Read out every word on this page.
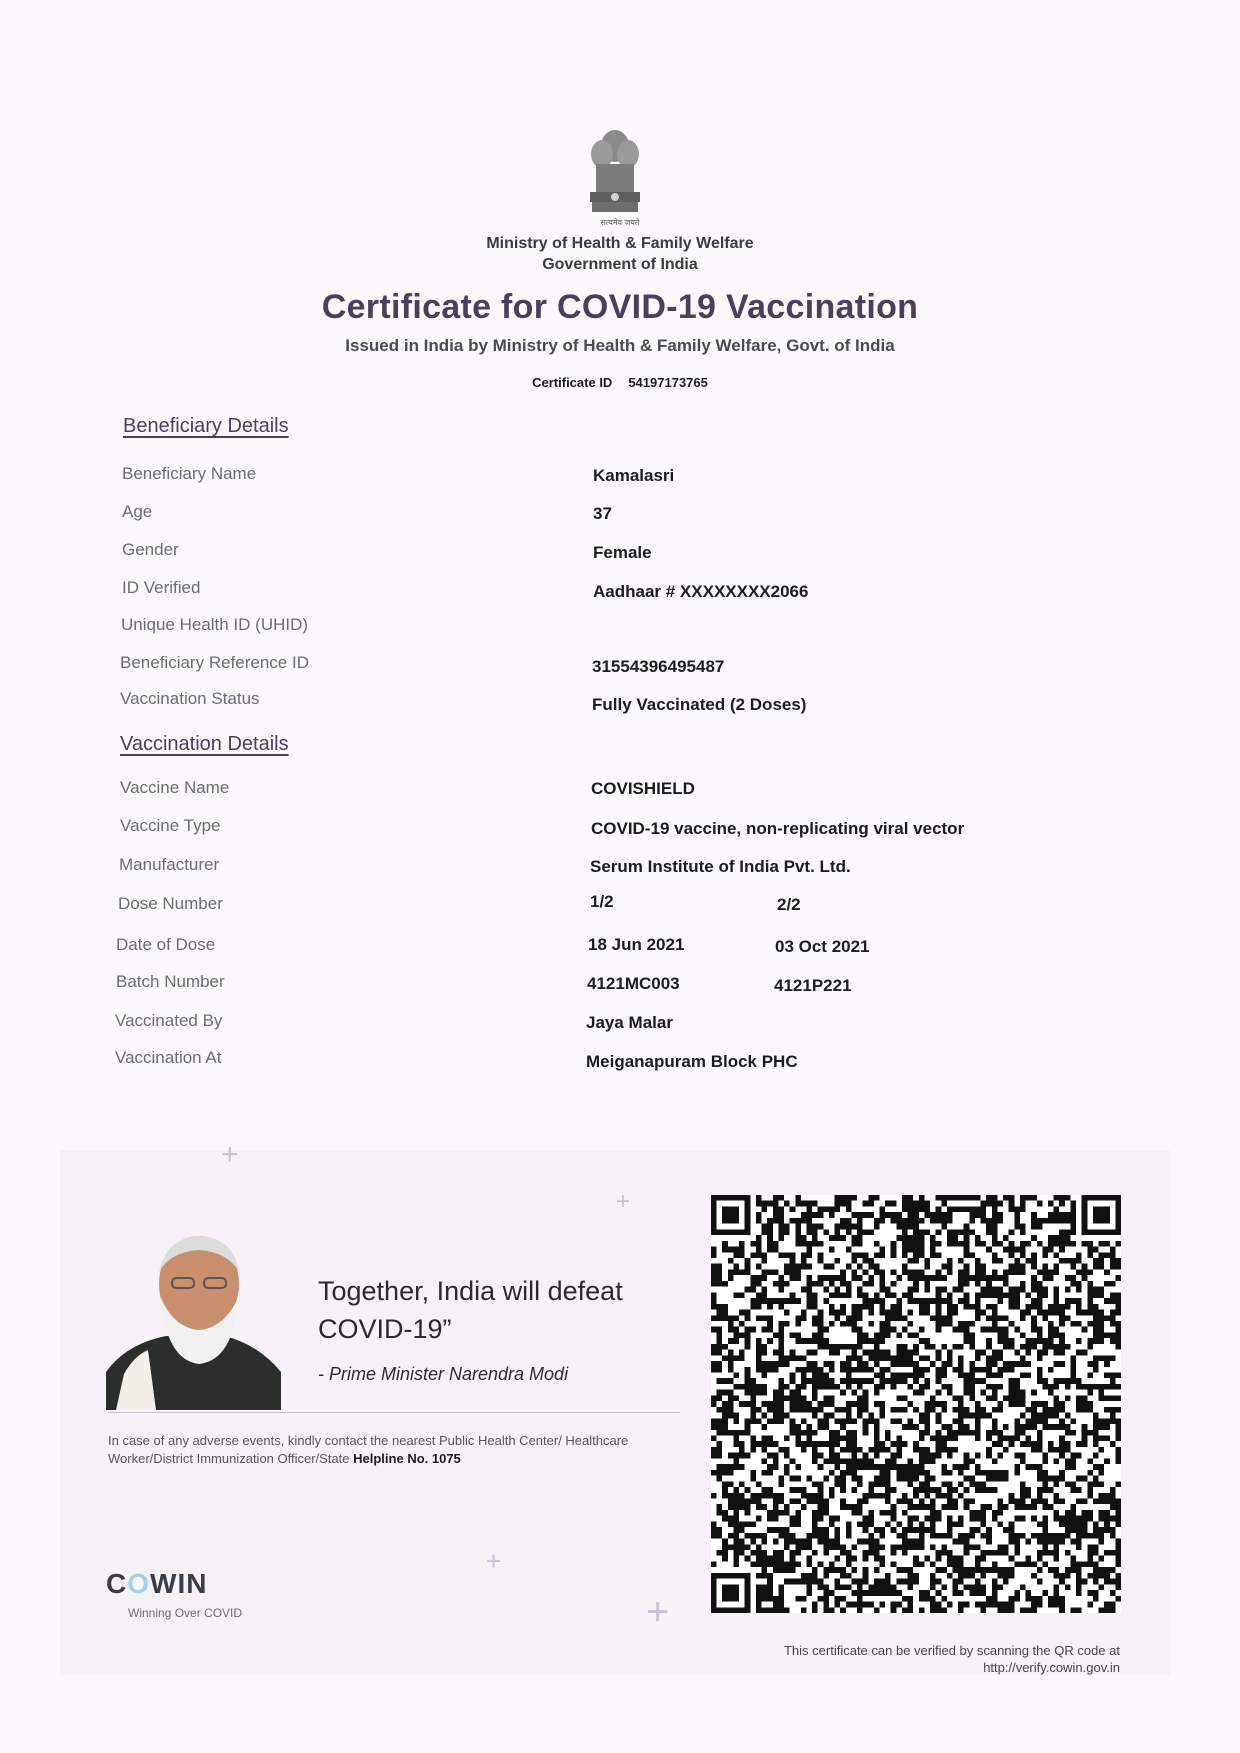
सत्यमेव जयते
Ministry of Health & Family Welfare
Government of India
Certificate for COVID-19 Vaccination
Issued in India by Ministry of Health & Family Welfare, Govt. of India
Certificate ID 54197173765
Beneficiary Details
Beneficiary Name	Kamalasri
Age	37
Gender	Female
ID Verified	Aadhaar # XXXXXXXX2066
Unique Health ID (UHID)
Beneficiary Reference ID	31554396495487
Vaccination Status	Fully Vaccinated (2 Doses)
Vaccination Details
Vaccine Name	COVISHIELD
Vaccine Type	COVID-19 vaccine, non-replicating viral vector
Manufacturer	Serum Institute of India Pvt. Ltd.
Dose Number	1/2	2/2
Date of Dose	18 Jun 2021	03 Oct 2021
Batch Number	4121MC003	4121P221
Vaccinated By	Jaya Malar
Vaccination At	Meiganapuram Block PHC
+
+
+
+
Together, India will defeat COVID-19”
- Prime Minister Narendra Modi
In case of any adverse events, kindly contact the nearest Public Health Center/ Healthcare Worker/District Immunization Officer/State Helpline No. 1075
COWIN
Winning Over COVID
This certificate can be verified by scanning the QR code at
http://verify.cowin.gov.in
